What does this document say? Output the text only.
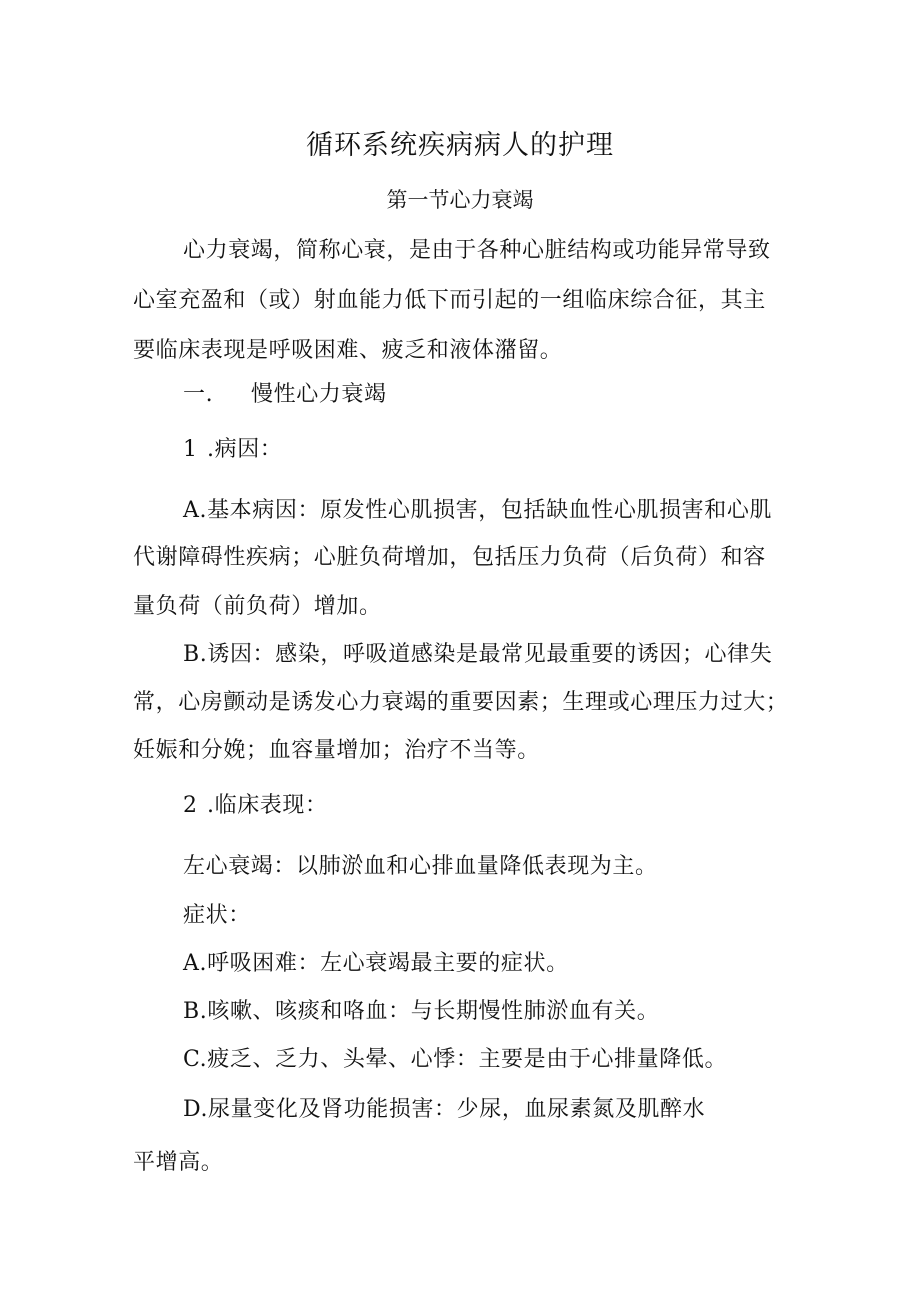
循环系统疾病病人的护理
第一节心力衰竭
心力衰竭，简称心衰，是由于各种心脏结构或功能异常导致
心室充盈和（或）射血能力低下而引起的一组临床综合征，其主
要临床表现是呼吸困难、疲乏和液体潴留。
一. 慢性心力衰竭
1 .病因：
A.基本病因：原发性心肌损害，包括缺血性心肌损害和心肌
代谢障碍性疾病；心脏负荷增加，包括压力负荷（后负荷）和容
量负荷（前负荷）增加。
B.诱因：感染，呼吸道感染是最常见最重要的诱因；心律失
常，心房颤动是诱发心力衰竭的重要因素；生理或心理压力过大；
妊娠和分娩；血容量增加；治疗不当等。
2 .临床表现：
左心衰竭：以肺淤血和心排血量降低表现为主。
症状：
A.呼吸困难：左心衰竭最主要的症状。
B.咳嗽、咳痰和咯血：与长期慢性肺淤血有关。
C.疲乏、乏力、头晕、心悸：主要是由于心排量降低。
D.尿量变化及肾功能损害：少尿，血尿素氮及肌醉水
平增高。
